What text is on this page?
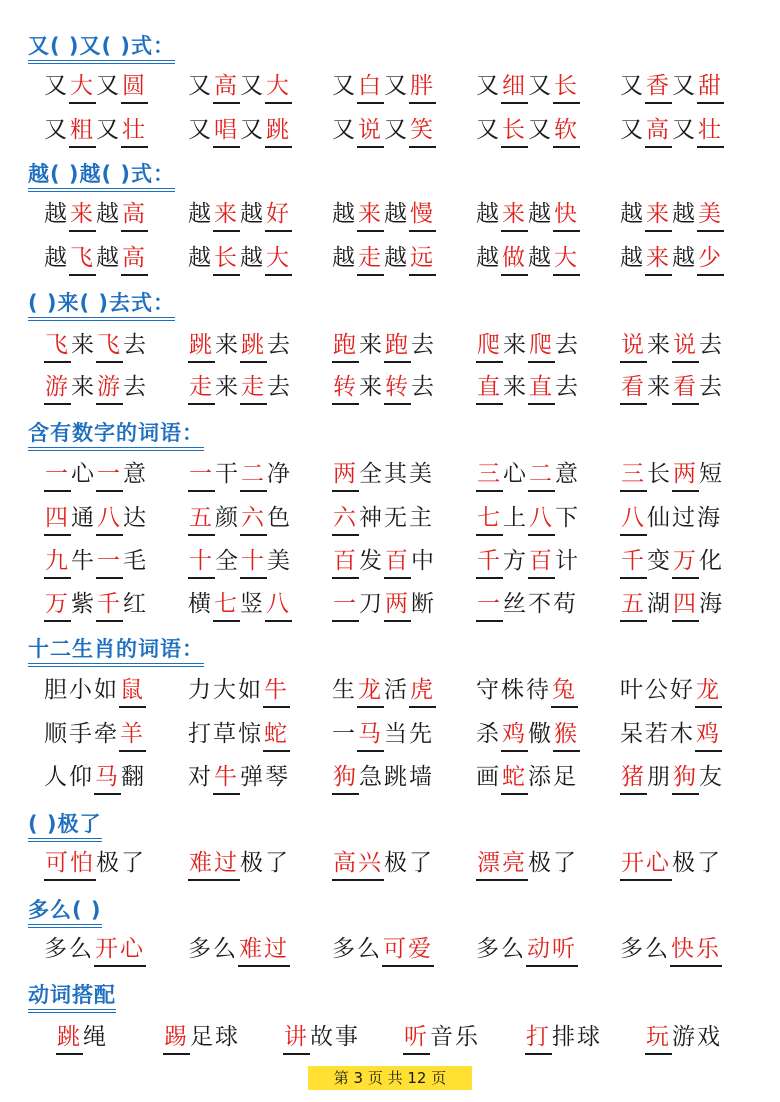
又( )又( )式：
又大又圆 又高又大 又白又胖 又细又长 又香又甜
又粗又壮 又唱又跳 又说又笑 又长又软 又高又壮
越( )越( )式：
越来越高 越来越好 越来越慢 越来越快 越来越美
越飞越高 越长越大 越走越远 越做越大 越来越少
( )来( )去式：
飞来飞去 跳来跳去 跑来跑去 爬来爬去 说来说去
游来游去 走来走去 转来转去 直来直去 看来看去
含有数字的词语：
一心一意 一干二净 两全其美 三心二意 三长两短
四通八达 五颜六色 六神无主 七上八下 八仙过海
九牛一毛 十全十美 百发百中 千方百计 千变万化
万紫千红 横七竖八 一刀两断 一丝不苟 五湖四海
十二生肖的词语：
胆小如鼠 力大如牛 生龙活虎 守株待兔 叶公好龙
顺手牵羊 打草惊蛇 一马当先 杀鸡儆猴 呆若木鸡
人仰马翻 对牛弹琴 狗急跳墙 画蛇添足 猪朋狗友
( )极了
可怕极了 难过极了 高兴极了 漂亮极了 开心极了
多么( )
多么开心 多么难过 多么可爱 多么动听 多么快乐
动词搭配
跳绳 踢足球 讲故事 听音乐 打排球 玩游戏
第 3 页 共 12 页
